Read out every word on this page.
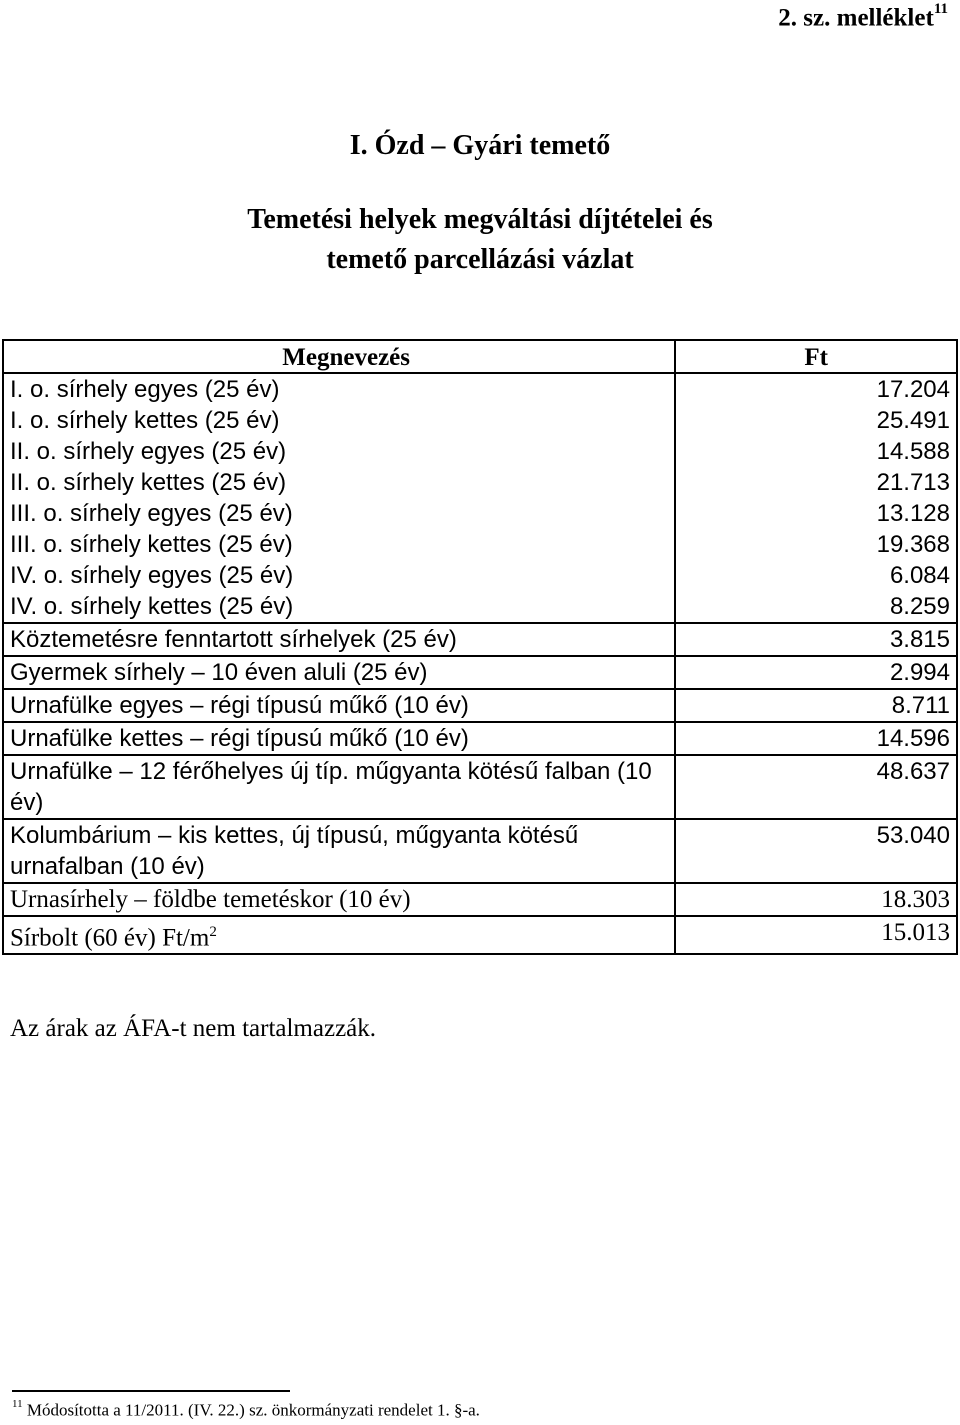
2. sz. melléklet$^{11}$
I. Ózd – Gyári temető
Temetési helyek megváltási díjtételei és
temető parcellázási vázlat
Megnevezés	Ft
I. o. sírhely egyes (25 év)	17.204
I. o. sírhely kettes (25 év)	25.491
II. o. sírhely egyes (25 év)	14.588
II. o. sírhely kettes (25 év)	21.713
III. o. sírhely egyes (25 év)	13.128
III. o. sírhely kettes (25 év)	19.368
IV. o. sírhely egyes (25 év)	6.084
IV. o. sírhely kettes (25 év)	8.259
Köztemetésre fenntartott sírhelyek (25 év)	3.815
Gyermek sírhely – 10 éven aluli (25 év)	2.994
Urnafülke egyes – régi típusú műkő (10 év)	8.711
Urnafülke kettes – régi típusú műkő (10 év)	14.596
Urnafülke – 12 férőhelyes új típ. műgyanta kötésű falban (10 év)	48.637
Kolumbárium – kis kettes, új típusú, műgyanta kötésű urnafalban (10 év)	53.040
Urnasírhely – földbe temetéskor (10 év)	18.303
Sírbolt (60 év) $Ft/m^2$	15.013
Az árak az ÁFA-t nem tartalmazzák.
$^{11}$ Módosította a 11/2011. (IV. 22.) sz. önkormányzati rendelet 1. §-a.
